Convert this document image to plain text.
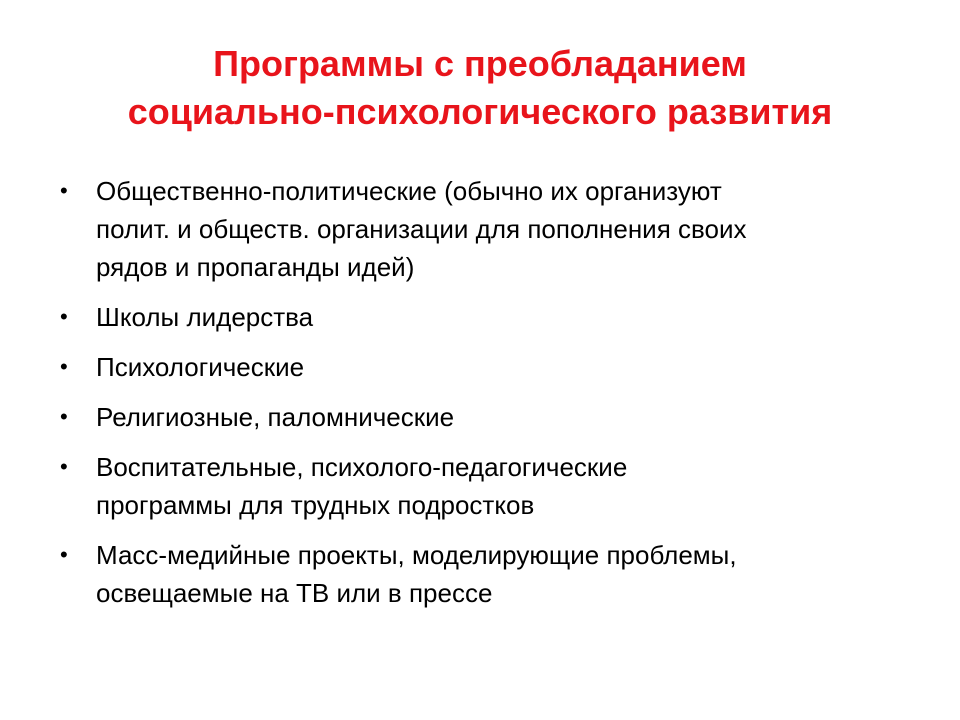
Программы с преобладанием
социально-психологического развития
• Общественно-политические (обычно их организуют
полит. и обществ. организации для пополнения своих
рядов и пропаганды идей)
• Школы лидерства
• Психологические
• Религиозные, паломнические
• Воспитательные, психолого-педагогические
программы для трудных подростков
• Масс-медийные проекты, моделирующие проблемы,
освещаемые на ТВ или в прессе
